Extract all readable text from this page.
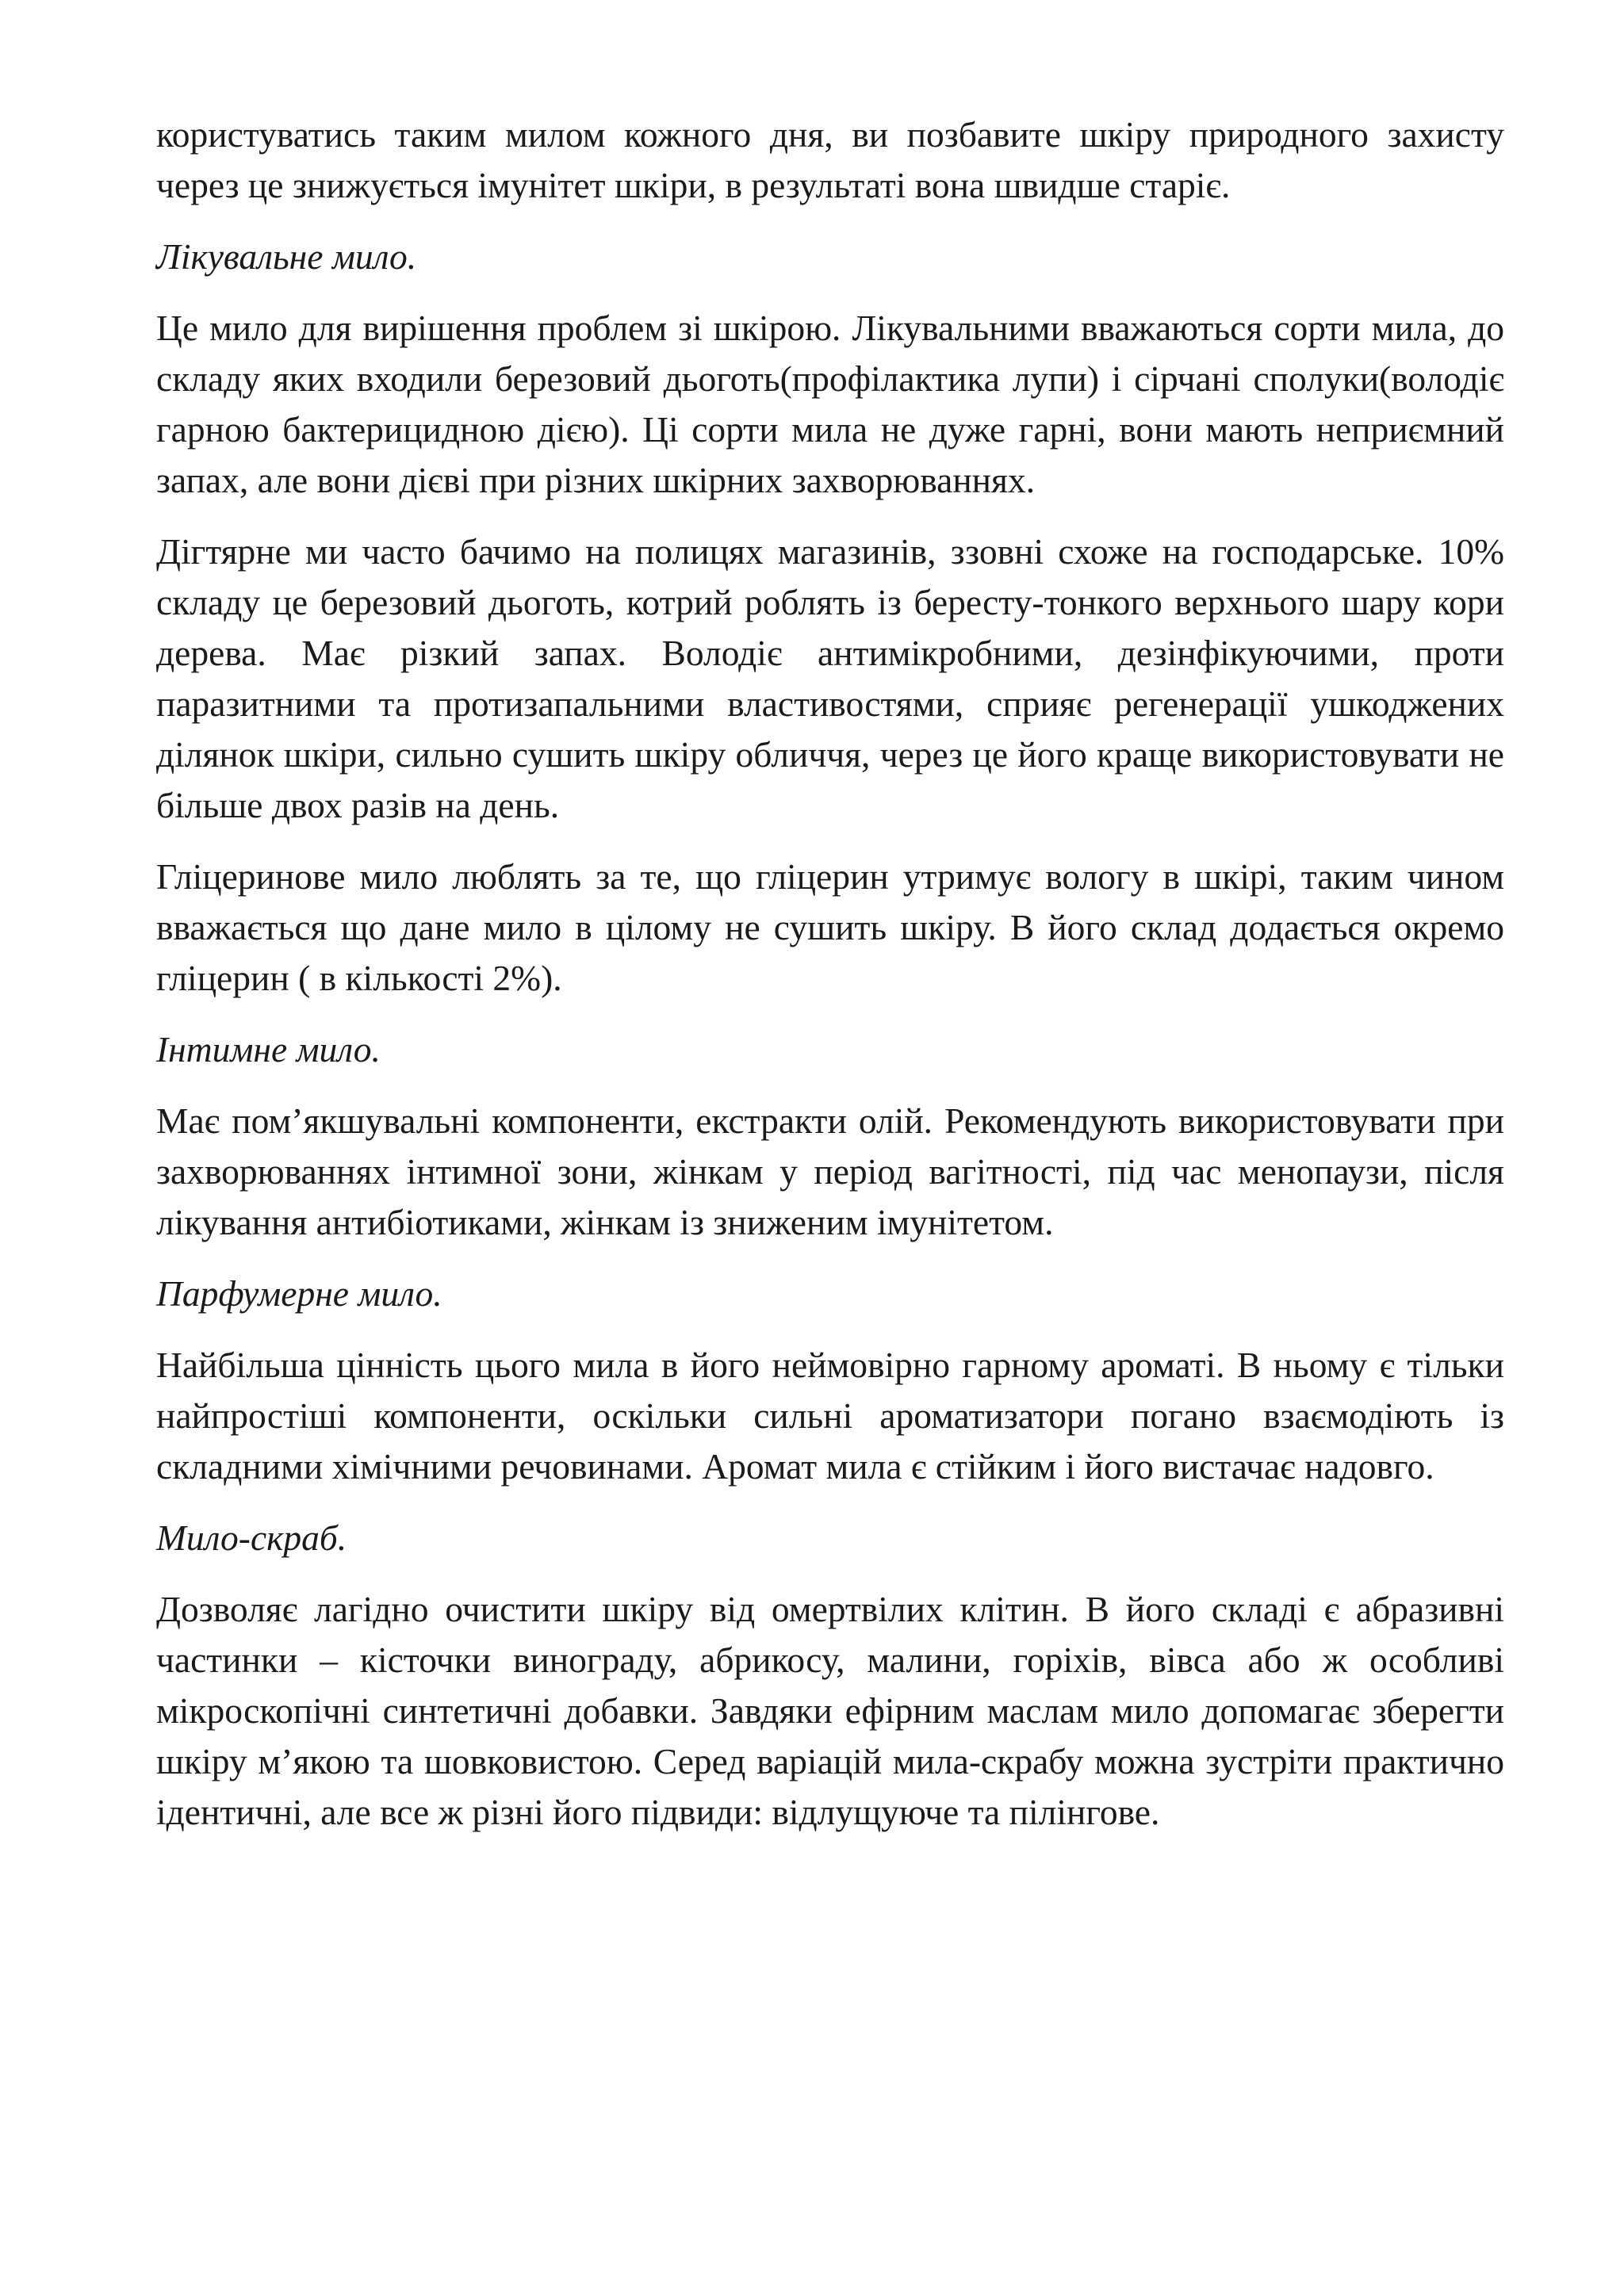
користуватись таким милом кожного дня, ви позбавите шкіру природного захисту через це знижується імунітет шкіри, в результаті вона швидше старіє.

Лікувальне мило.

Це мило для вирішення проблем зі шкірою. Лікувальними вважаються сорти мила, до складу яких входили березовий дьоготь(профілактика лупи) і сірчані сполуки(володіє гарною бактерицидною дією). Ці сорти мила не дуже гарні, вони мають неприємний запах, але вони дієві при різних шкірних захворюваннях.

Дігтярне ми часто бачимо на полицях магазинів, ззовні схоже на господарське. 10% складу це березовий дьоготь, котрий роблять із бересту-тонкого верхнього шару кори дерева. Має різкий запах. Володіє антимікробними, дезінфікуючими, проти паразитними та протизапальними властивостями, сприяє регенерації ушкоджених ділянок шкіри, сильно сушить шкіру обличчя, через це його краще використовувати не більше двох разів на день.

Гліцеринове мило люблять за те, що гліцерин утримує вологу в шкірі, таким чином вважається що дане мило в цілому не сушить шкіру. В його склад додається окремо гліцерин ( в кількості 2%).

Інтимне мило.

Має пом’якшувальні компоненти, екстракти олій. Рекомендують використовувати при захворюваннях інтимної зони, жінкам у період вагітності, під час менопаузи, після лікування антибіотиками, жінкам із зниженим імунітетом.

Парфумерне мило.

Найбільша цінність цього мила в його неймовірно гарному ароматі. В ньому є тільки найпростіші компоненти, оскільки сильні ароматизатори погано взаємодіють із складними хімічними речовинами. Аромат мила є стійким і його вистачає надовго.

Мило-скраб.

Дозволяє лагідно очистити шкіру від омертвілих клітин. В його складі є абразивні частинки – кісточки винограду, абрикосу, малини, горіхів, вівса або ж особливі мікроскопічні синтетичні добавки. Завдяки ефірним маслам мило допомагає зберегти шкіру м’якою та шовковистою. Серед варіацій мила-скрабу можна зустріти практично ідентичні, але все ж різні його підвиди: відлущуюче та пілінгове.
